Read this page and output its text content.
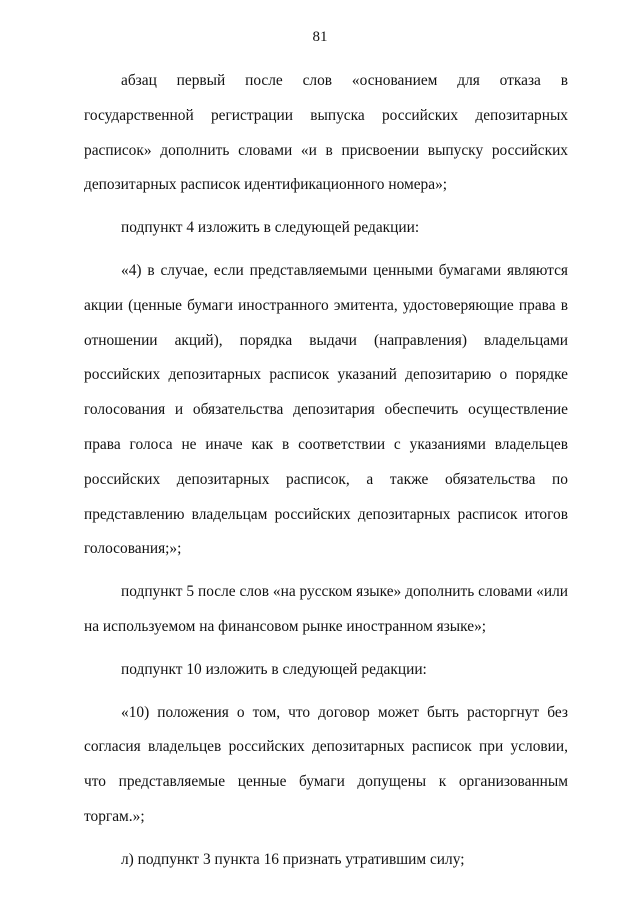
81

абзац первый после слов «основанием для отказа в государственной регистрации выпуска российских депозитарных расписок» дополнить словами «и в присвоении выпуску российских депозитарных расписок идентификационного номера»;

подпункт 4 изложить в следующей редакции:

«4) в случае, если представляемыми ценными бумагами являются акции (ценные бумаги иностранного эмитента, удостоверяющие права в отношении акций), порядка выдачи (направления) владельцами российских депозитарных расписок указаний депозитарию о порядке голосования и обязательства депозитария обеспечить осуществление права голоса не иначе как в соответствии с указаниями владельцев российских депозитарных расписок, а также обязательства по представлению владельцам российских депозитарных расписок итогов голосования;»;

подпункт 5 после слов «на русском языке» дополнить словами «или на используемом на финансовом рынке иностранном языке»;

подпункт 10 изложить в следующей редакции:

«10) положения о том, что договор может быть расторгнут без согласия владельцев российских депозитарных расписок при условии, что представляемые ценные бумаги допущены к организованным торгам.»;

л) подпункт 3 пункта 16 признать утратившим силу;
